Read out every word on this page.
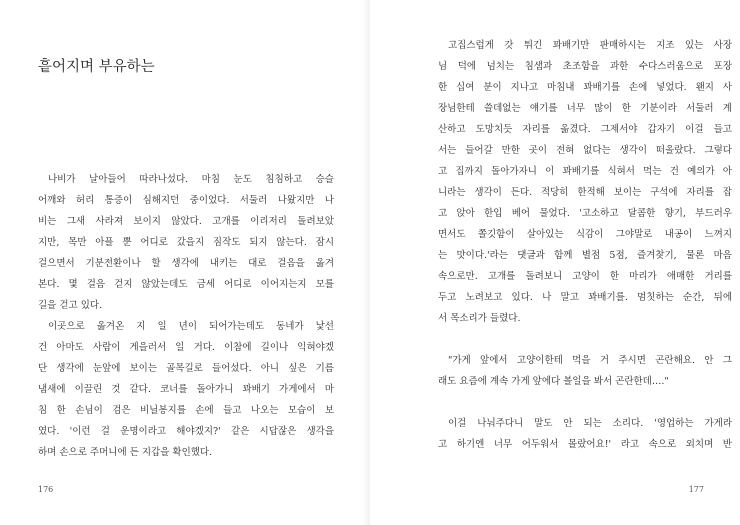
흩어지며 부유하는
나비가 날아들어 따라나섰다. 마침 눈도 침침하고 승슬
어깨와 허리 통증이 심해지던 중이었다. 서둘러 나왔지만 나
비는 그새 사라져 보이지 않았다. 고개를 이리저리 돌려보았
지만, 목만 아플 뿐 어디로 갔을지 짐작도 되지 않는다. 잠시
걸으면서 기분전환이나 할 생각에 내키는 대로 걸음을 옮겨
본다. 몇 걸음 걷지 않았는데도 금세 어디로 이어지는지 모를
길을 걷고 있다.
이곳으로 옮겨온 지 일 년이 되어가는데도 동네가 낯선
건 아마도 사람이 게을러서 일 거다. 이참에 길이나 익혀야겠
단 생각에 눈앞에 보이는 골목길로 들어섰다. 아니 싶은 기름
냄새에 이끌린 것 같다. 코너를 돌아가니 꽈배기 가게에서 마
침 한 손님이 검은 비닐봉지를 손에 들고 나오는 모습이 보
였다. '이런 걸 운명이라고 해야겠지?' 같은 시답잖은 생각을
하며 손으로 주머니에 든 지갑을 확인했다.
176
고집스럽게 갓 튀긴 꽈배기만 판매하시는 지조 있는 사장
님 덕에 넘치는 침샘과 초조함을 과한 수다스러움으로 포장
한 십여 분이 지나고 마침내 꽈배기를 손에 넣었다. 왠지 사
장님한테 쓸데없는 얘기를 너무 많이 한 기분이라 서둘러 계
산하고 도망치듯 자리를 옮겼다. 그제서야 갑자기 이걸 들고
서는 들어갈 만한 곳이 전혀 없다는 생각이 떠올랐다. 그렇다
고 집까지 돌아가자니 이 꽈배기를 식혀서 먹는 건 예의가 아
니라는 생각이 든다. 적당히 한적해 보이는 구석에 자리를 잡
고 앉아 한입 베어 물었다. '고소하고 달콤한 향기, 부드러우
면서도 쫄깃함이 살아있는 식감이 그야말로 내공이 느껴지
는 맛이다.'라는 댓글과 함께 별점 5점, 즐겨찾기, 물론 마음
속으로만. 고개를 돌려보니 고양이 한 마리가 애매한 거리를
두고 노려보고 있다. 나 말고 꽈배기를. 멈칫하는 순간, 뒤에
서 목소리가 들렸다.
"가게 앞에서 고양이한테 먹을 거 주시면 곤란해요. 안 그
래도 요즘에 계속 가게 앞에다 볼일을 봐서 곤란한데…."
이걸 나눠주다니 말도 안 되는 소리다. '영업하는 가게라
고 하기엔 너무 어두워서 몰랐어요!' 라고 속으로 외치며 반
177
